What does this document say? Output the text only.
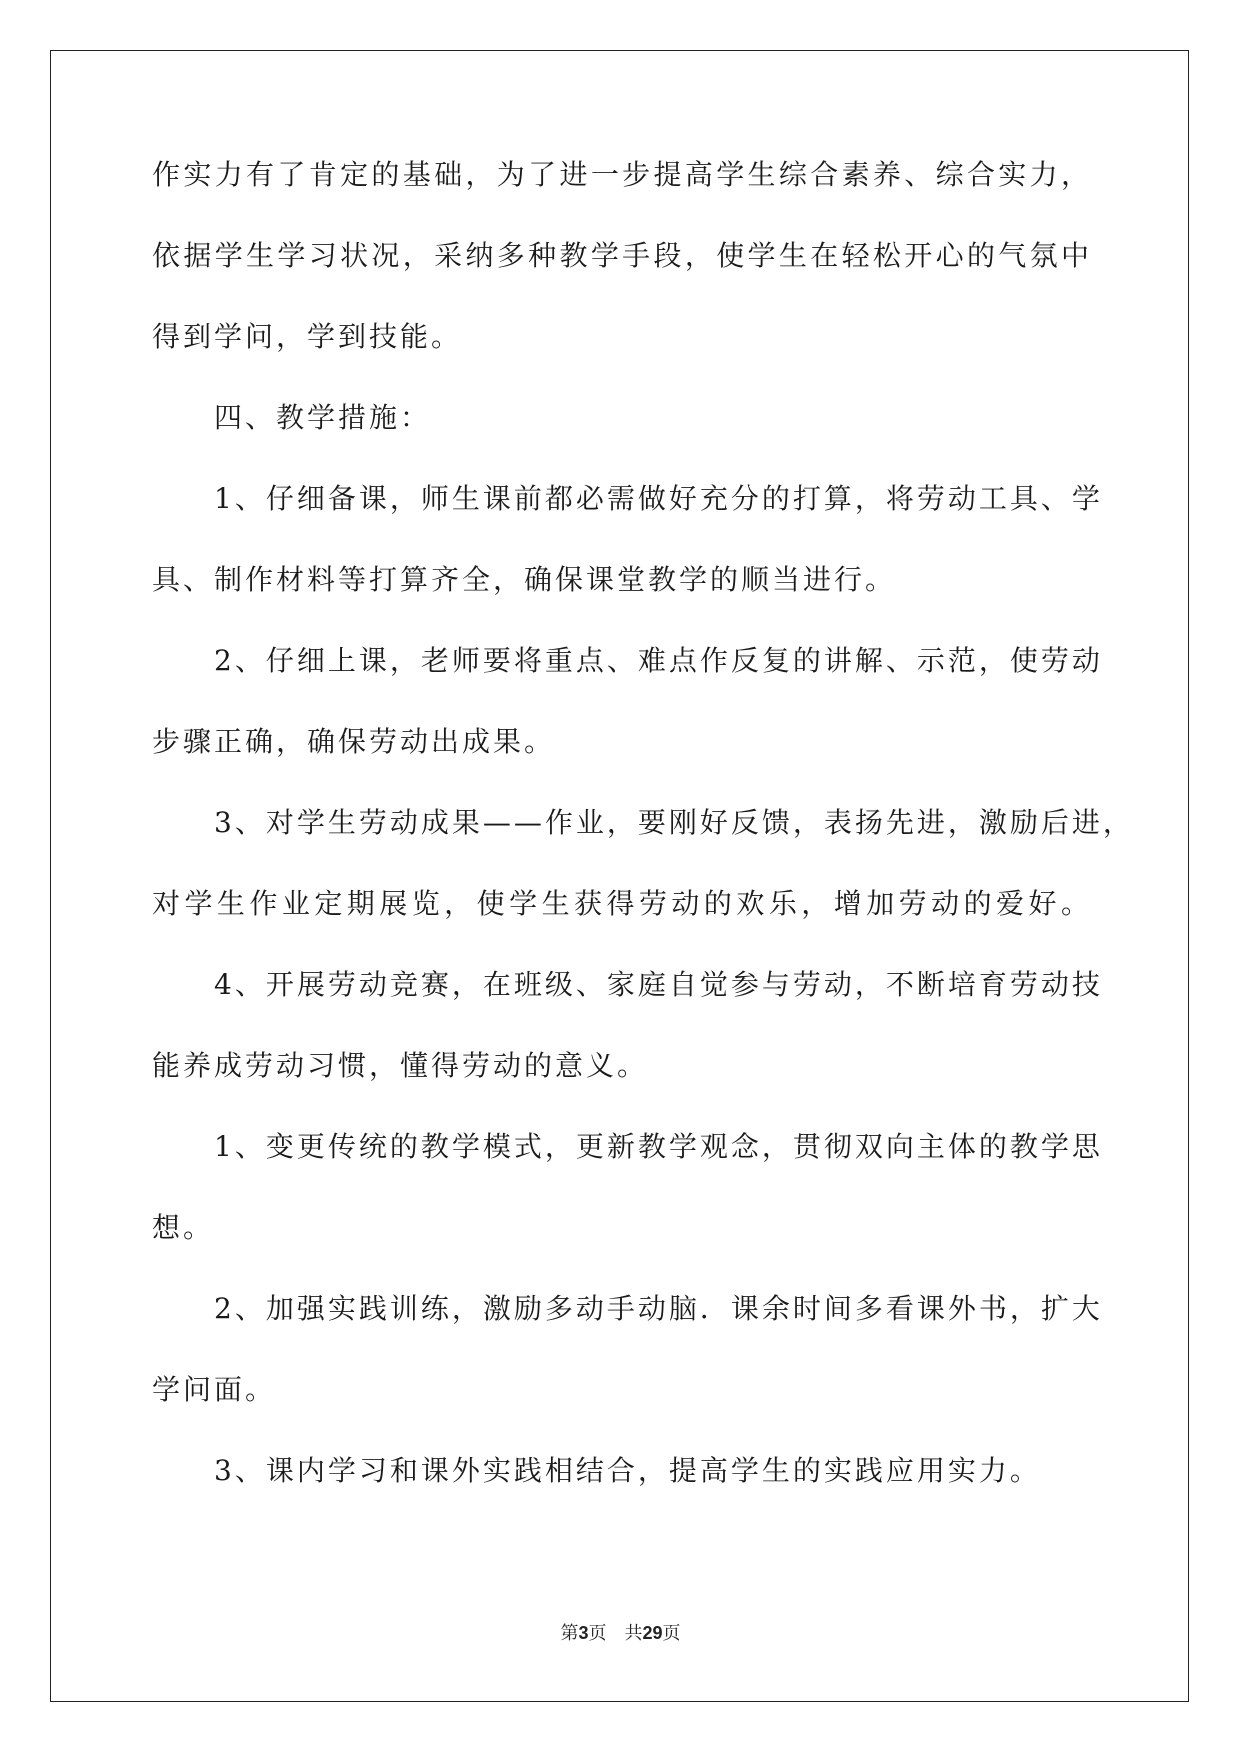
作实力有了肯定的基础，为了进一步提高学生综合素养、综合实力，
依据学生学习状况，采纳多种教学手段，使学生在轻松开心的气氛中
得到学问，学到技能。
四、教学措施：
1、仔细备课，师生课前都必需做好充分的打算，将劳动工具、学
具、制作材料等打算齐全，确保课堂教学的顺当进行。
2、仔细上课，老师要将重点、难点作反复的讲解、示范，使劳动
步骤正确，确保劳动出成果。
3、对学生劳动成果——作业，要刚好反馈，表扬先进，激励后进，
对学生作业定期展览，使学生获得劳动的欢乐，增加劳动的爱好。
4、开展劳动竞赛，在班级、家庭自觉参与劳动，不断培育劳动技
能养成劳动习惯，懂得劳动的意义。
1、变更传统的教学模式，更新教学观念，贯彻双向主体的教学思
想。
2、加强实践训练，激励多动手动脑．课余时间多看课外书，扩大
学问面。
3、课内学习和课外实践相结合，提高学生的实践应用实力。
第3页　共29页
